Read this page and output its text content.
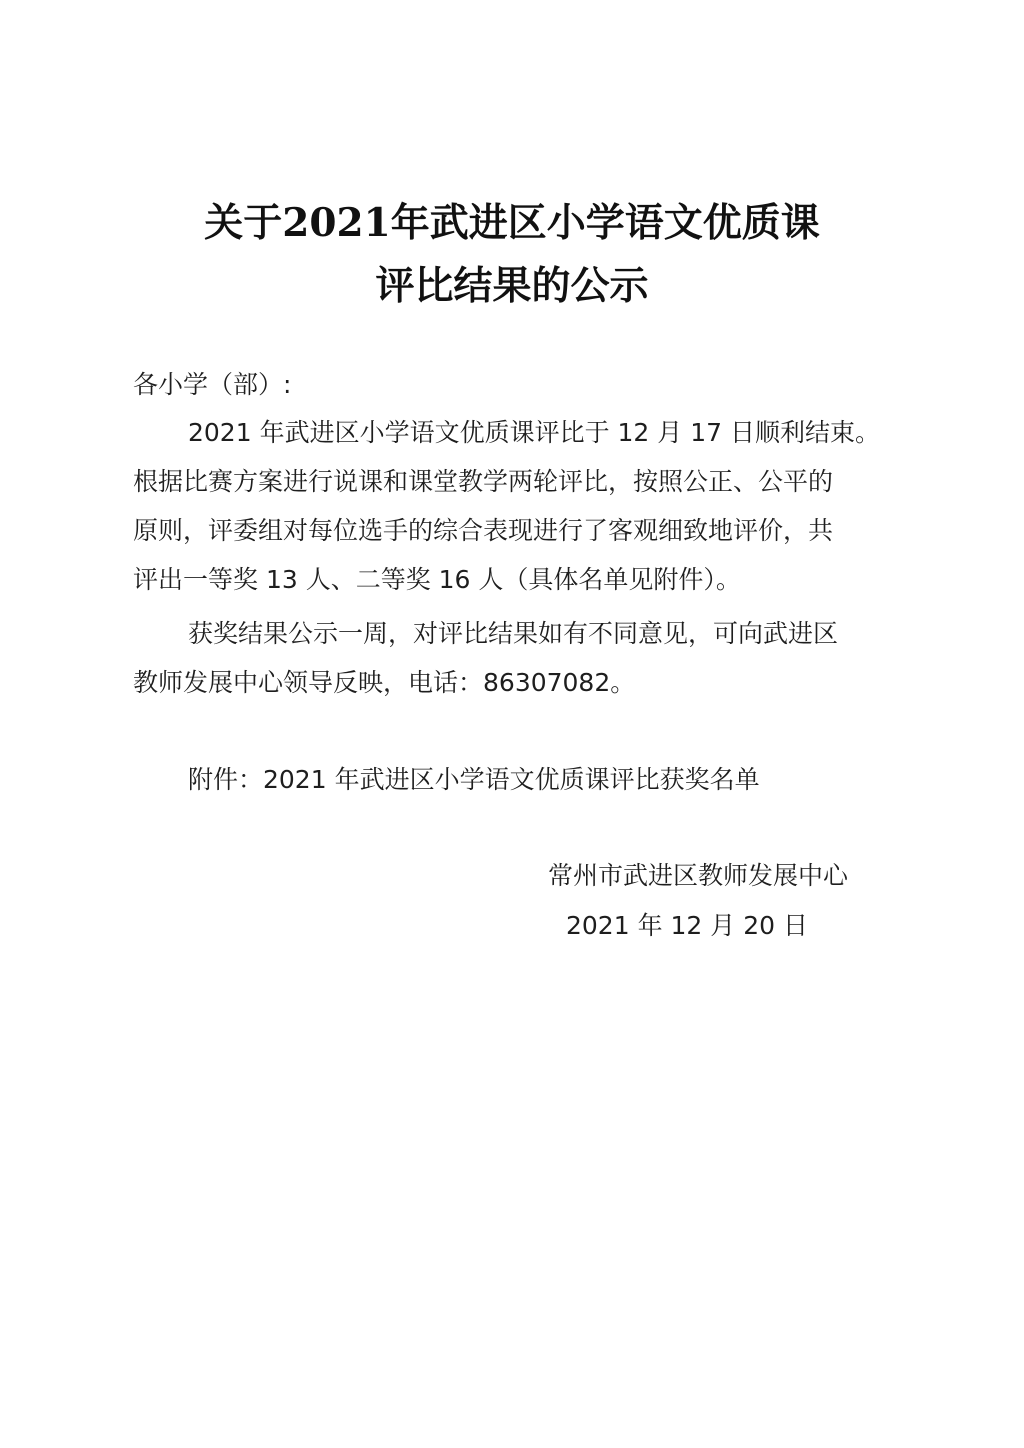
关于2021年武进区小学语文优质课
评比结果的公示
各小学（部）:
2021 年武进区小学语文优质课评比于 12 月 17 日顺利结束。
根据比赛方案进行说课和课堂教学两轮评比，按照公正、公平的
原则，评委组对每位选手的综合表现进行了客观细致地评价，共
评出一等奖 13 人、二等奖 16 人（具体名单见附件）。
获奖结果公示一周，对评比结果如有不同意见，可向武进区
教师发展中心领导反映，电话：86307082。
附件：2021 年武进区小学语文优质课评比获奖名单
常州市武进区教师发展中心
2021 年 12 月 20 日
